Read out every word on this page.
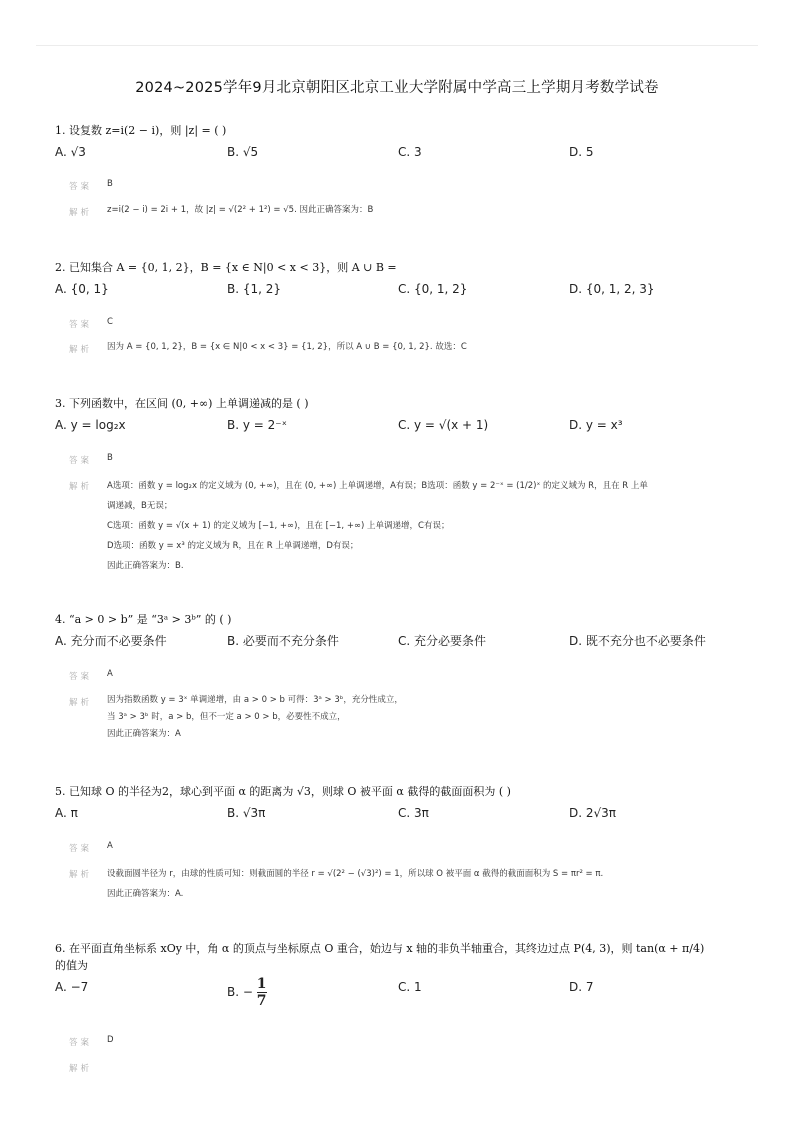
2024~2025学年9月北京朝阳区北京工业大学附属中学高三上学期月考数学试卷
1. 设复数 z=i(2 − i)，则 |z| = ( )
A. √3	B. √5	C. 3	D. 5
答案 B
解析 z=i(2 − i) = 2i + 1，故 |z| = √(2² + 1²) = √5. 因此正确答案为：B

2. 已知集合 A = {0, 1, 2}，B = {x ∈ N|0 < x < 3}，则 A ∪ B =
A. {0, 1}	B. {1, 2}	C. {0, 1, 2}	D. {0, 1, 2, 3}
答案 C
解析 因为 A = {0, 1, 2}，B = {x ∈ N|0 < x < 3} = {1, 2}，所以 A ∪ B = {0, 1, 2}. 故选：C

3. 下列函数中，在区间 (0, +∞) 上单调递减的是 ( )
A. y = log₂x	B. y = 2⁻ˣ	C. y = √(x + 1)	D. y = x³
答案 B
解析 A选项：函数 y = log₂x 的定义域为 (0, +∞)，且在 (0, +∞) 上单调递增，A有误；B选项：函数 y = 2⁻ˣ = (1/2)ˣ 的定义域为 R，且在 R 上单

调递减，B无误；

C选项：函数 y = √(x + 1) 的定义域为 [−1, +∞)，且在 [−1, +∞) 上单调递增，C有误；

D选项：函数 y = x³ 的定义域为 R，且在 R 上单调递增，D有误；

因此正确答案为：B.

4. “a > 0 > b” 是 “3ᵃ > 3ᵇ” 的 ( )
A. 充分而不必要条件	B. 必要而不充分条件	C. 充分必要条件	D. 既不充分也不必要条件
答案 A
解析 因为指数函数 y = 3ˣ 单调递增，由 a > 0 > b 可得：3ᵃ > 3ᵇ，充分性成立，

当 3ᵃ > 3ᵇ 时，a > b，但不一定 a > 0 > b，必要性不成立，

因此正确答案为：A

5. 已知球 O 的半径为2，球心到平面 α 的距离为 √3，则球 O 被平面 α 截得的截面面积为 ( )
A. π	B. √3π	C. 3π	D. 2√3π
答案 A
解析 设截面圆半径为 r，由球的性质可知：则截面圆的半径 r = √(2² − (√3)²) = 1，所以球 O 被平面 α 截得的截面面积为 S = πr² = π.

因此正确答案为：A.

6. 在平面直角坐标系 xOy 中，角 α 的顶点与坐标原点 O 重合，始边与 x 轴的非负半轴重合，其终边过点 P(4, 3)，则 tan(α + π/4)
的值为
A. −7	B. − $\frac{1}{7}$	C. 1	D. 7
答案 D
解析
